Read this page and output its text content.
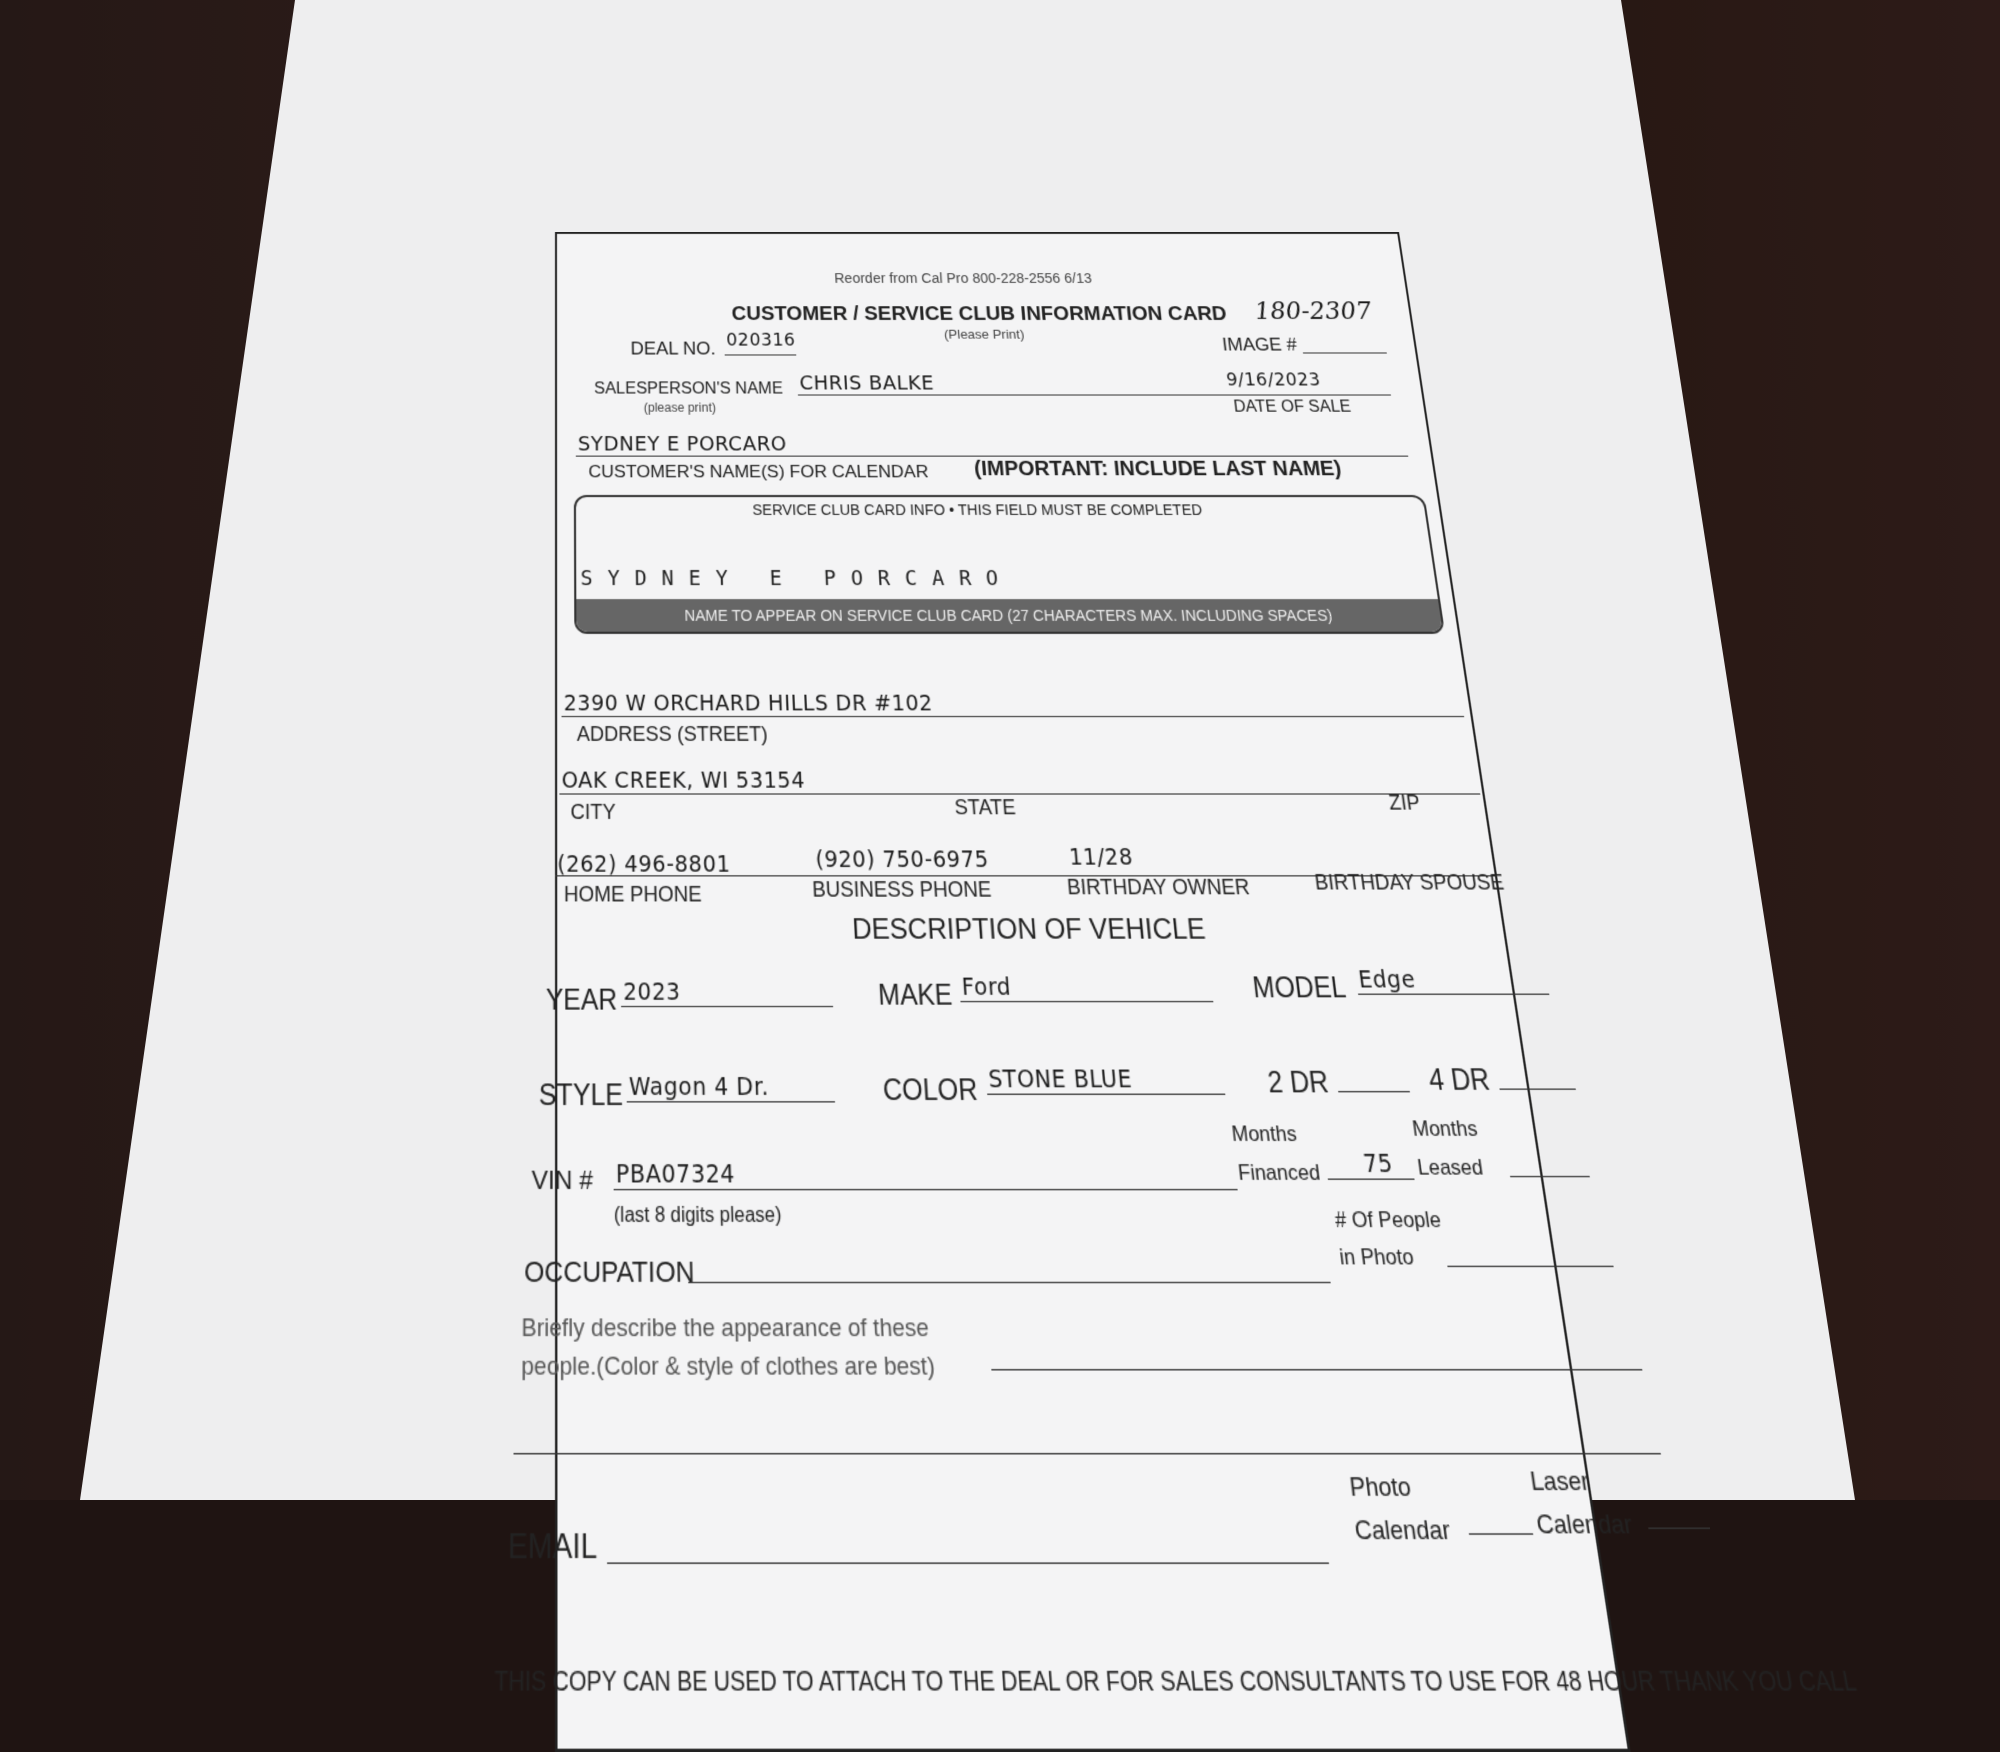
Reorder from Cal Pro 800-228-2556 6/13
CUSTOMER / SERVICE CLUB INFORMATION CARD 180-2307
(Please Print)
DEAL NO. 020316	IMAGE #
SALESPERSON'S NAME
(please print)
CHRIS BALKE	9/16/2023
DATE OF SALE
SYDNEY E PORCARO
CUSTOMER'S NAME(S) FOR CALENDAR (IMPORTANT: INCLUDE LAST NAME)
SERVICE CLUB CARD INFO • THIS FIELD MUST BE COMPLETED
SYDNEY E PORCARO
NAME TO APPEAR ON SERVICE CLUB CARD (27 CHARACTERS MAX. INCLUDING SPACES)
2390 W ORCHARD HILLS DR #102
ADDRESS (STREET)
OAK CREEK, WI 53154
CITY	STATE	ZIP
(262) 496-8801	(920) 750-6975	11/28
HOME PHONE	BUSINESS PHONE	BIRTHDAY OWNER	BIRTHDAY SPOUSE
DESCRIPTION OF VEHICLE
YEAR 2023	MAKE Ford	MODEL Edge
STYLE Wagon 4 Dr.	COLOR STONE BLUE	2 DR	4 DR
Months
Financed 75
Months
Leased
VIN # PBA07324
(last 8 digits please)	# Of People
in Photo
OCCUPATION
Briefly describe the appearance of these
people.(Color & style of clothes are best)
Photo
Calendar
Laser
Calendar
EMAIL
THIS COPY CAN BE USED TO ATTACH TO THE DEAL OR FOR SALES CONSULTANTS TO USE FOR 48 HOUR THANK YOU CALL
